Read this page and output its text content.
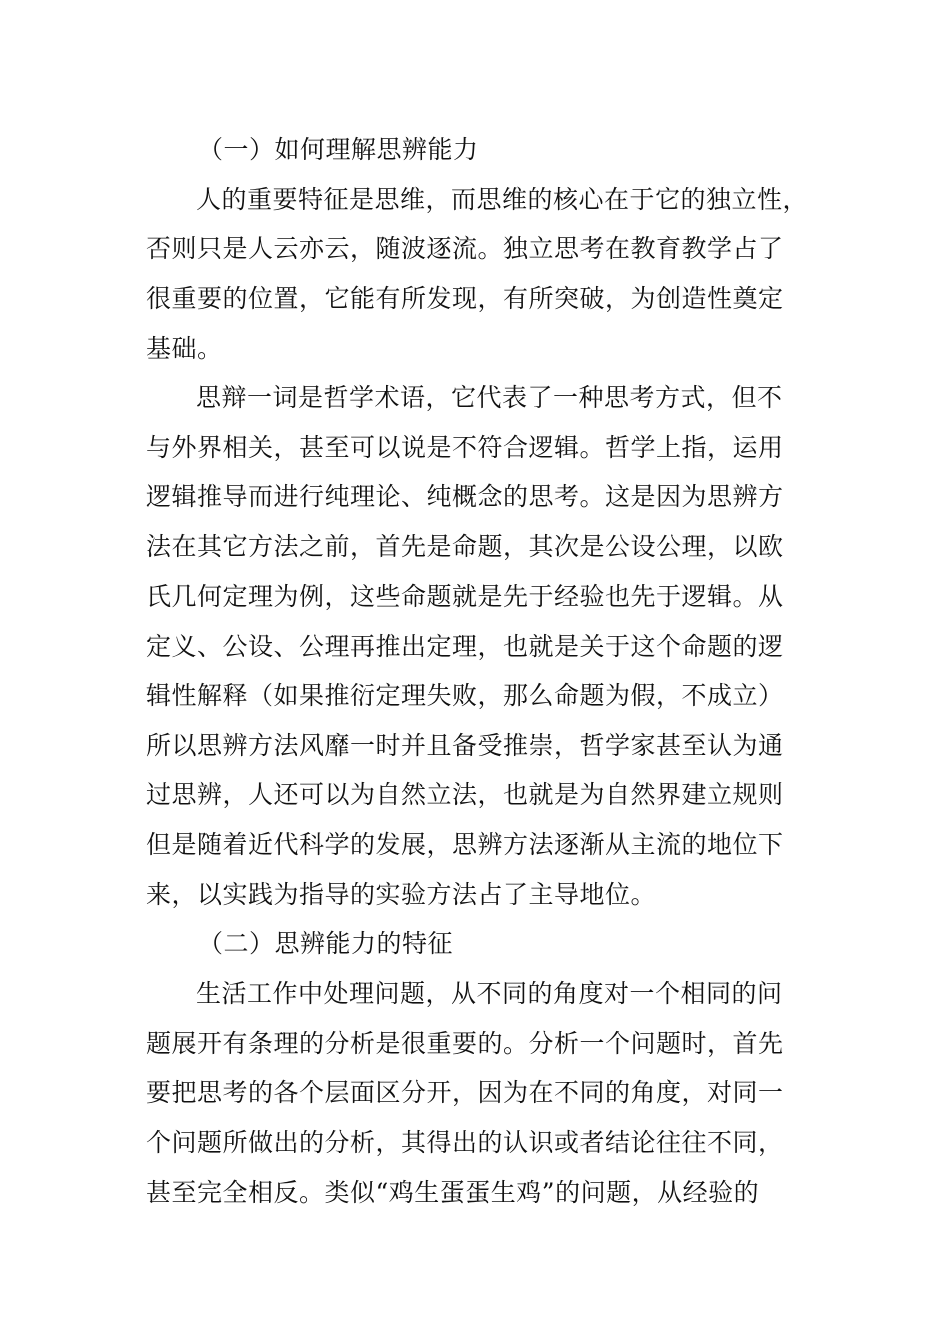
（一）如何理解思辨能力
人的重要特征是思维，而思维的核心在于它的独立性，
否则只是人云亦云，随波逐流。独立思考在教育教学占了
很重要的位置，它能有所发现，有所突破，为创造性奠定
基础。
思辩一词是哲学术语，它代表了一种思考方式，但不
与外界相关，甚至可以说是不符合逻辑。哲学上指，运用
逻辑推导而进行纯理论、纯概念的思考。这是因为思辨方
法在其它方法之前，首先是命题，其次是公设公理，以欧
氏几何定理为例，这些命题就是先于经验也先于逻辑。从
定义、公设、公理再推出定理，也就是关于这个命题的逻
辑性解释（如果推衍定理失败，那么命题为假，不成立）
所以思辨方法风靡一时并且备受推崇，哲学家甚至认为通
过思辨，人还可以为自然立法，也就是为自然界建立规则
但是随着近代科学的发展，思辨方法逐渐从主流的地位下
来，以实践为指导的实验方法占了主导地位。
（二）思辨能力的特征
生活工作中处理问题，从不同的角度对一个相同的问
题展开有条理的分析是很重要的。分析一个问题时，首先
要把思考的各个层面区分开，因为在不同的角度，对同一
个问题所做出的分析，其得出的认识或者结论往往不同，
甚至完全相反。类似“鸡生蛋蛋生鸡”的问题，从经验的
